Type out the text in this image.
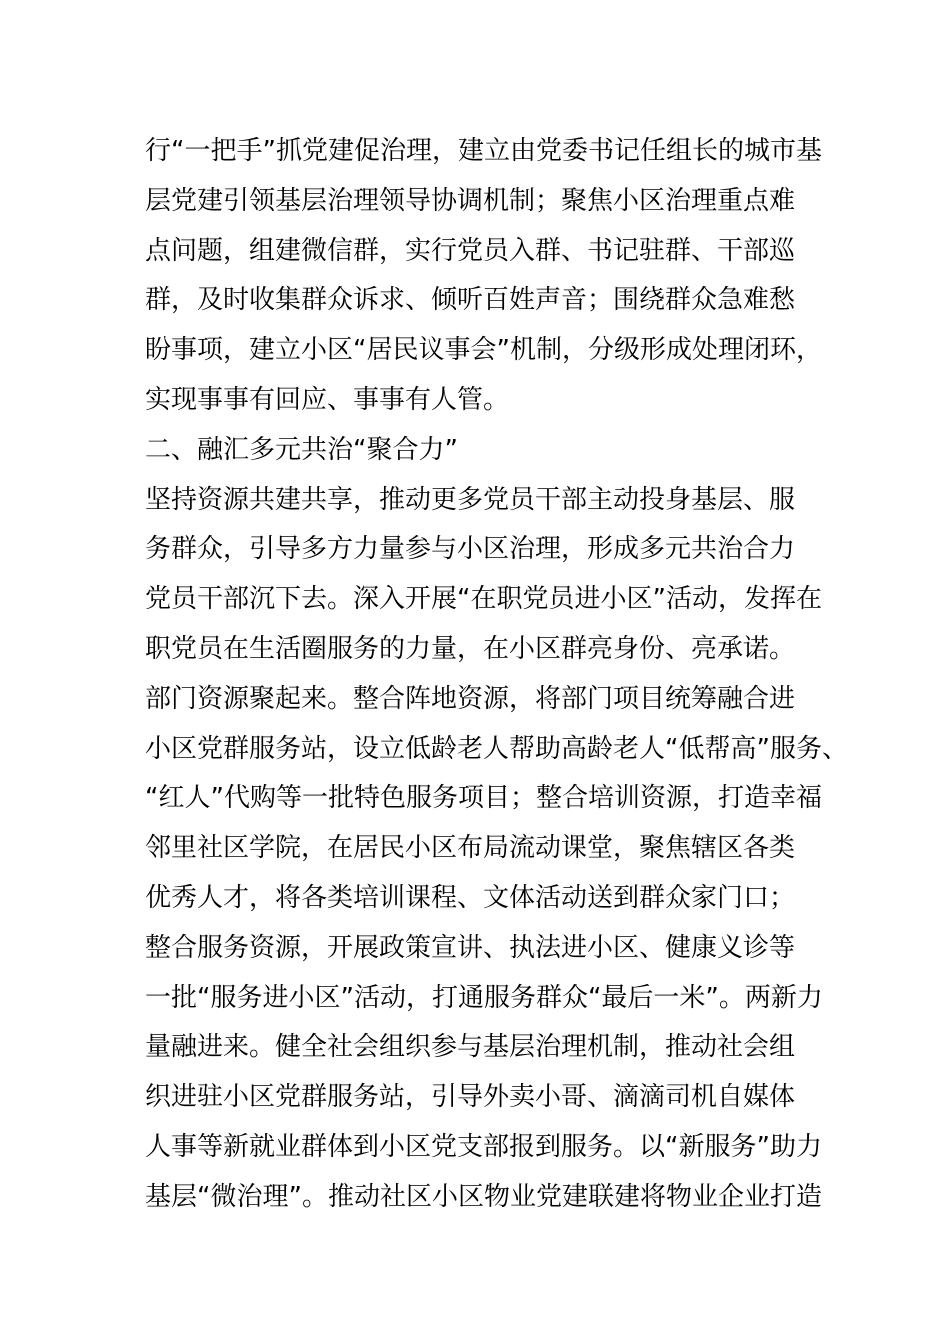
行“一把手”抓党建促治理，建立由党委书记任组长的城市基
层党建引领基层治理领导协调机制；聚焦小区治理重点难
点问题，组建微信群，实行党员入群、书记驻群、干部巡
群，及时收集群众诉求、倾听百姓声音；围绕群众急难愁
盼事项，建立小区“居民议事会”机制，分级形成处理闭环，
实现事事有回应、事事有人管。
二、融汇多元共治“聚合力”
坚持资源共建共享，推动更多党员干部主动投身基层、服
务群众，引导多方力量参与小区治理，形成多元共治合力
党员干部沉下去。深入开展“在职党员进小区”活动，发挥在
职党员在生活圈服务的力量，在小区群亮身份、亮承诺。
部门资源聚起来。整合阵地资源，将部门项目统筹融合进
小区党群服务站，设立低龄老人帮助高龄老人“低帮高”服务、
“红人”代购等一批特色服务项目；整合培训资源，打造幸福
邻里社区学院，在居民小区布局流动课堂，聚焦辖区各类
优秀人才，将各类培训课程、文体活动送到群众家门口；
整合服务资源，开展政策宣讲、执法进小区、健康义诊等
一批“服务进小区”活动，打通服务群众“最后一米”。两新力
量融进来。健全社会组织参与基层治理机制，推动社会组
织进驻小区党群服务站，引导外卖小哥、滴滴司机自媒体
人事等新就业群体到小区党支部报到服务。以“新服务”助力
基层“微治理”。推动社区小区物业党建联建将物业企业打造
